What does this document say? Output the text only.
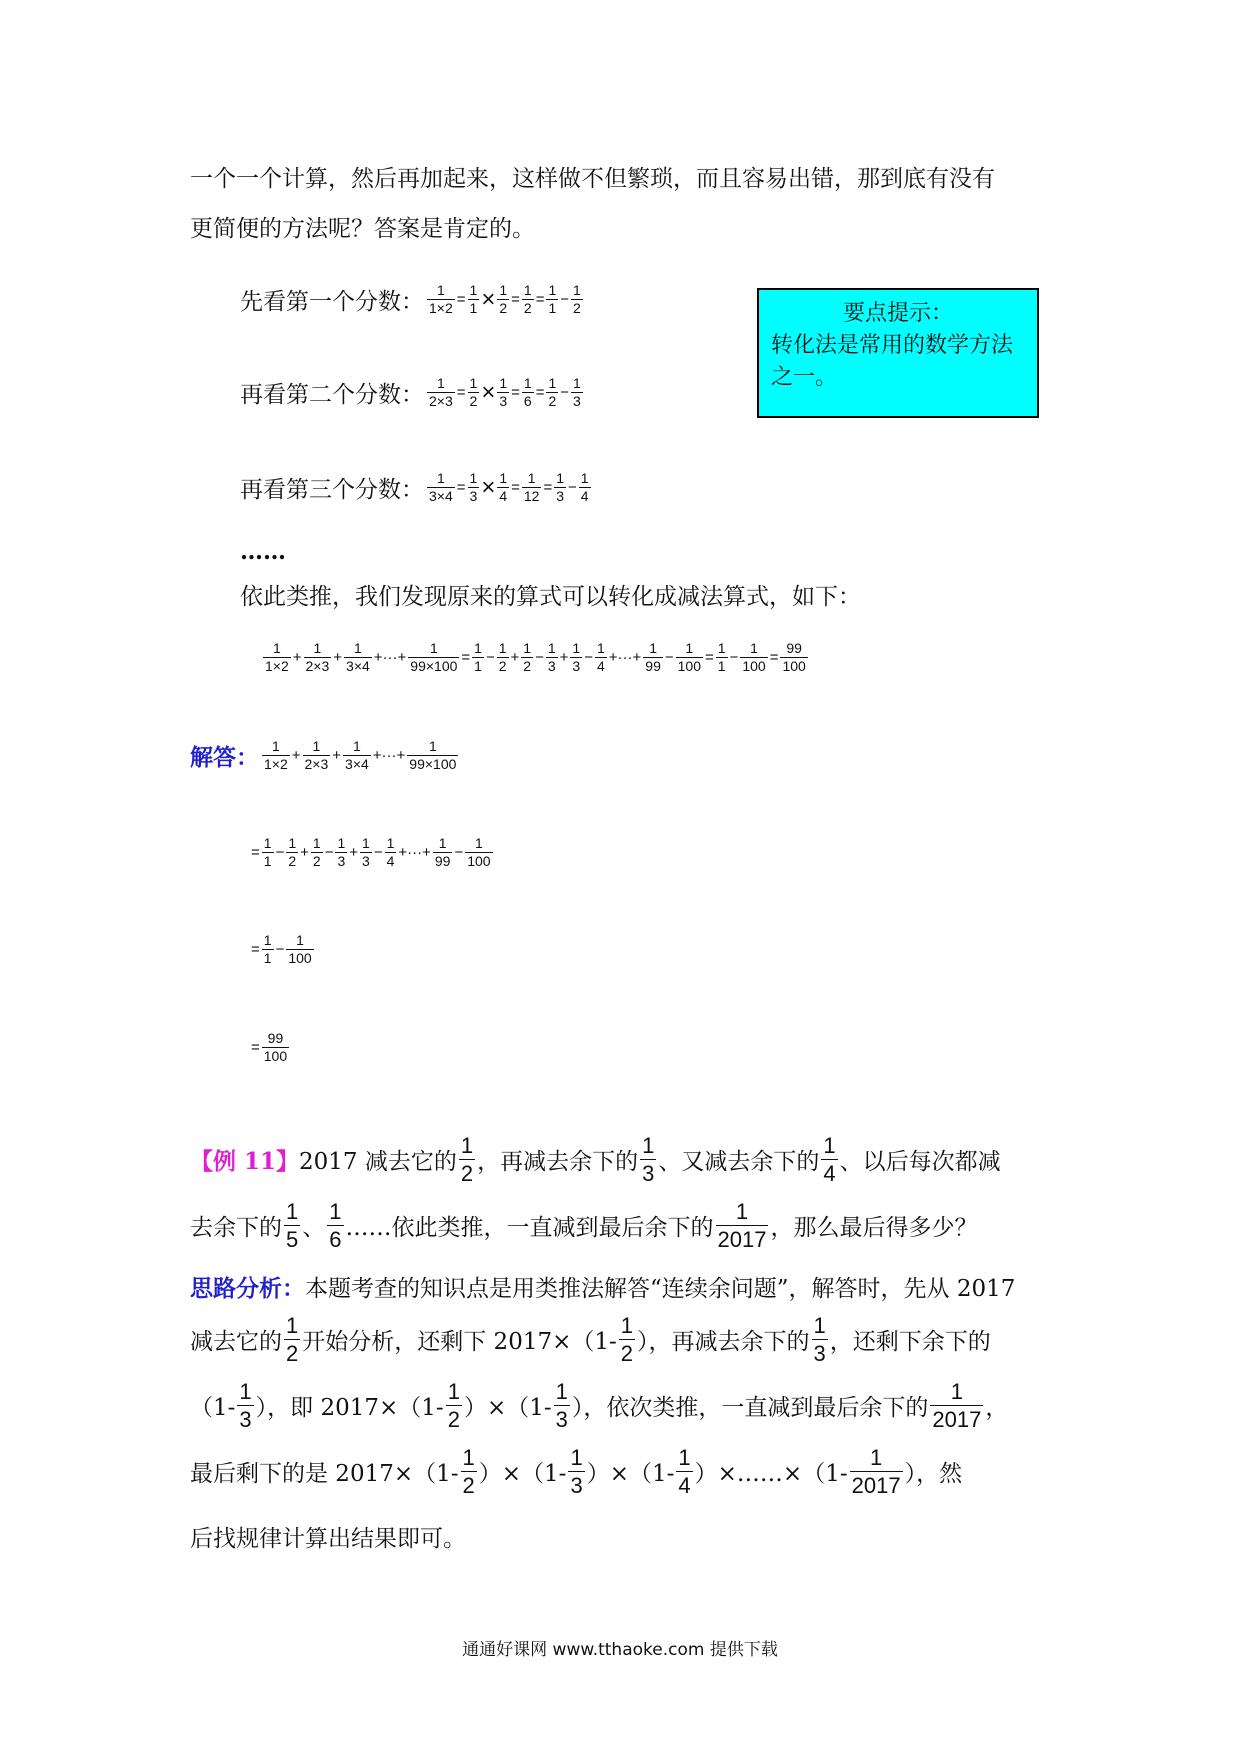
一个一个计算，然后再加起来，这样做不但繁琐，而且容易出错，那到底有没有
更简便的方法呢？答案是肯定的。
先看第一个分数： $\frac{1}{1\times 2} = \frac{1}{1} \times \frac{1}{2} = \frac{1}{2} = \frac{1}{1} - \frac{1}{2}$
再看第二个分数： $\frac{1}{2\times 3} = \frac{1}{2} \times \frac{1}{3} = \frac{1}{6} = \frac{1}{2} - \frac{1}{3}$
再看第三个分数： $\frac{1}{3\times 4} = \frac{1}{3} \times \frac{1}{4} = \frac{1}{12} = \frac{1}{3} - \frac{1}{4}$
要点提示：
转化法是常用的数学方法之一。
……
依此类推，我们发现原来的算式可以转化成减法算式，如下：
$\frac{1}{1\times 2} + \frac{1}{2\times 3} + \frac{1}{3\times 4}$ +···+ $\frac{1}{99\times 100} = \frac{1}{1} - \frac{1}{2} + \frac{1}{2} - \frac{1}{3} + \frac{1}{3} - \frac{1}{4}$ +···+ $\frac{1}{99} - \frac{1}{100} = \frac{1}{1} - \frac{1}{100} = \frac{99}{100}$
解答： $\frac{1}{1\times 2} + \frac{1}{2\times 3} + \frac{1}{3\times 4}$ +···+ $\frac{1}{99\times 100}$
= $\frac{1}{1} - \frac{1}{2} + \frac{1}{2} - \frac{1}{3} + \frac{1}{3} - \frac{1}{4}$ +···+ $\frac{1}{99} - \frac{1}{100}$
= $\frac{1}{1} - \frac{1}{100}$
= $\frac{99}{100}$
【例 11】 2017 减去它的 $\frac{1}{2}$ ，再减去余下的 $\frac{1}{3}$ 、又减去余下的 $\frac{1}{4}$ 、以后每次都减
去余下的 $\frac{1}{5}$ 、 $\frac{1}{6}$ ……依此类推，一直减到最后余下的 $\frac{1}{2017}$ ，那么最后得多少？
思路分析：本题考查的知识点是用类推法解答“连续余问题”，解答时，先从 2017
减去它的 $\frac{1}{2}$ 开始分析，还剩下 $2017\times(1- \frac{1}{2}$ ），再减去余下的 $\frac{1}{3}$ ，还剩下余下的
（$1- \frac{1}{3}$ ），即 $2017\times(1- \frac{1}{2} )\times(1- \frac{1}{3}$ ），依次类推，一直减到最后余下的 $\frac{1}{2017}$ ，
最后剩下的是 $2017\times(1- \frac{1}{2} )\times(1- \frac{1}{3} )\times(1- \frac{1}{4}$ ）×……×（1- $\frac{1}{2017}$ ），然
后找规律计算出结果即可。
通通好课网 www.tthaoke.com 提供下载
